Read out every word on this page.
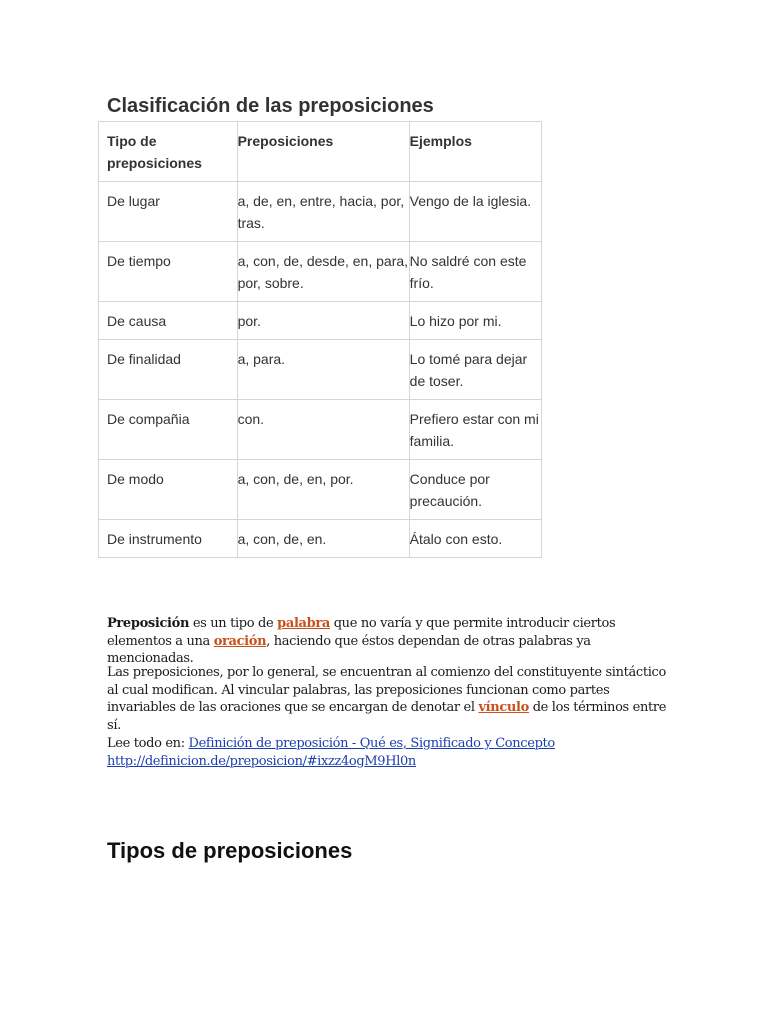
Clasificación de las preposiciones
Tipo de preposiciones	Preposiciones	Ejemplos
De lugar	a, de, en, entre, hacia, por, tras.	Vengo de la iglesia.
De tiempo	a, con, de, desde, en, para, por, sobre.	No saldré con este frío.
De causa	por.	Lo hizo por mi.
De finalidad	a, para.	Lo tomé para dejar de toser.
De compañia	con.	Prefiero estar con mi familia.
De modo	a, con, de, en, por.	Conduce por precaución.
De instrumento	a, con, de, en.	Átalo con esto.

Preposición es un tipo de palabra que no varía y que permite introducir ciertos elementos a una oración, haciendo que éstos dependan de otras palabras ya mencionadas.

Las preposiciones, por lo general, se encuentran al comienzo del constituyente sintáctico al cual modifican. Al vincular palabras, las preposiciones funcionan como partes invariables de las oraciones que se encargan de denotar el vínculo de los términos entre sí.

Lee todo en: Definición de preposición - Qué es, Significado y Concepto http://definicion.de/preposicion/#ixzz4ogM9Hl0n

Tipos de preposiciones
